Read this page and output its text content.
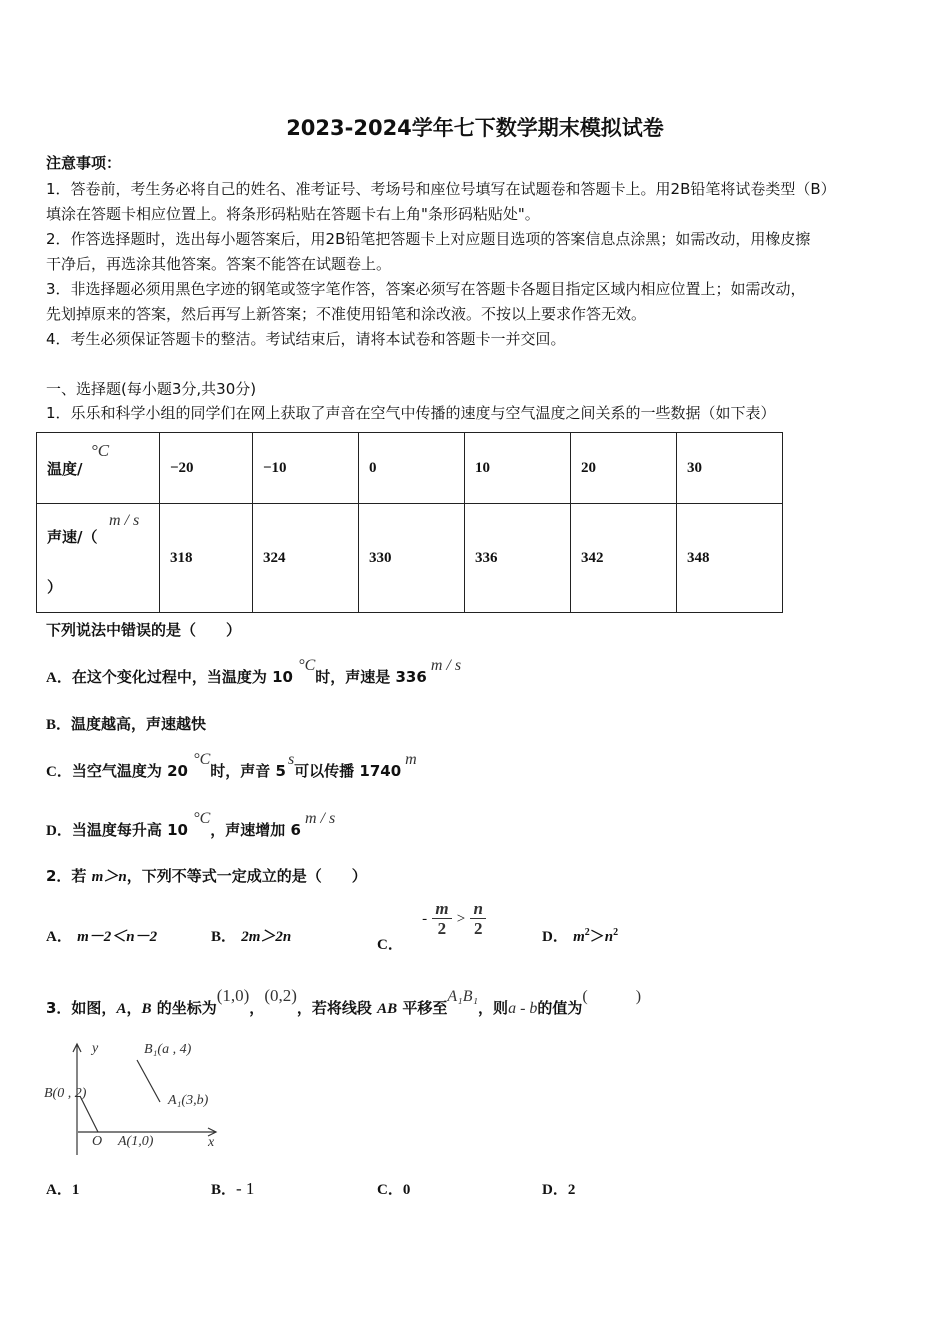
2023-2024学年七下数学期末模拟试卷
注意事项：
1．答卷前，考生务必将自己的姓名、准考证号、考场号和座位号填写在试题卷和答题卡上。用2B铅笔将试卷类型（B）
填涂在答题卡相应位置上。将条形码粘贴在答题卡右上角"条形码粘贴处"。
2．作答选择题时，选出每小题答案后，用2B铅笔把答题卡上对应题目选项的答案信息点涂黑；如需改动，用橡皮擦
干净后，再选涂其他答案。答案不能答在试题卷上。
3．非选择题必须用黑色字迹的钢笔或签字笔作答，答案必须写在答题卡各题目指定区域内相应位置上；如需改动，
先划掉原来的答案，然后再写上新答案；不准使用铅笔和涂改液。不按以上要求作答无效。
4．考生必须保证答题卡的整洁。考试结束后，请将本试卷和答题卡一并交回。
一、选择题(每小题3分,共30分)
1．乐乐和科学小组的同学们在网上获取了声音在空气中传播的速度与空气温度之间关系的一些数据（如下表）
温度/
°C	−20	−10	0	10	20	30

声速/（
m / s
）	318	324	330	336	342	348
下列说法中错误的是（　　）
A．在这个变化过程中，当温度为 10 °C时，声速是 336m / s
B．温度越高，声速越快
C．当空气温度为 20 °C时，声音 5s可以传播 1740m
D．当温度每升高 10 °C，声速增加 6m / s
2．若 m＞n，下列不等式一定成立的是（　　）
A． m－2＜n－2	B． 2m＞2n	C． - $\frac{m}{2} > \frac{n}{2}$	D． $m^2>n^2$
3．如图，A，B 的坐标为(1,0)，(0,2)，若将线段 AB 平移至A₁B₁，则a - b的值为(　　　)
y
x
O
B(0 , 2)
A(1,0)
B₁(a , 4)
A₁(3,b)
A．1	B．- 1	C．0	D．2
